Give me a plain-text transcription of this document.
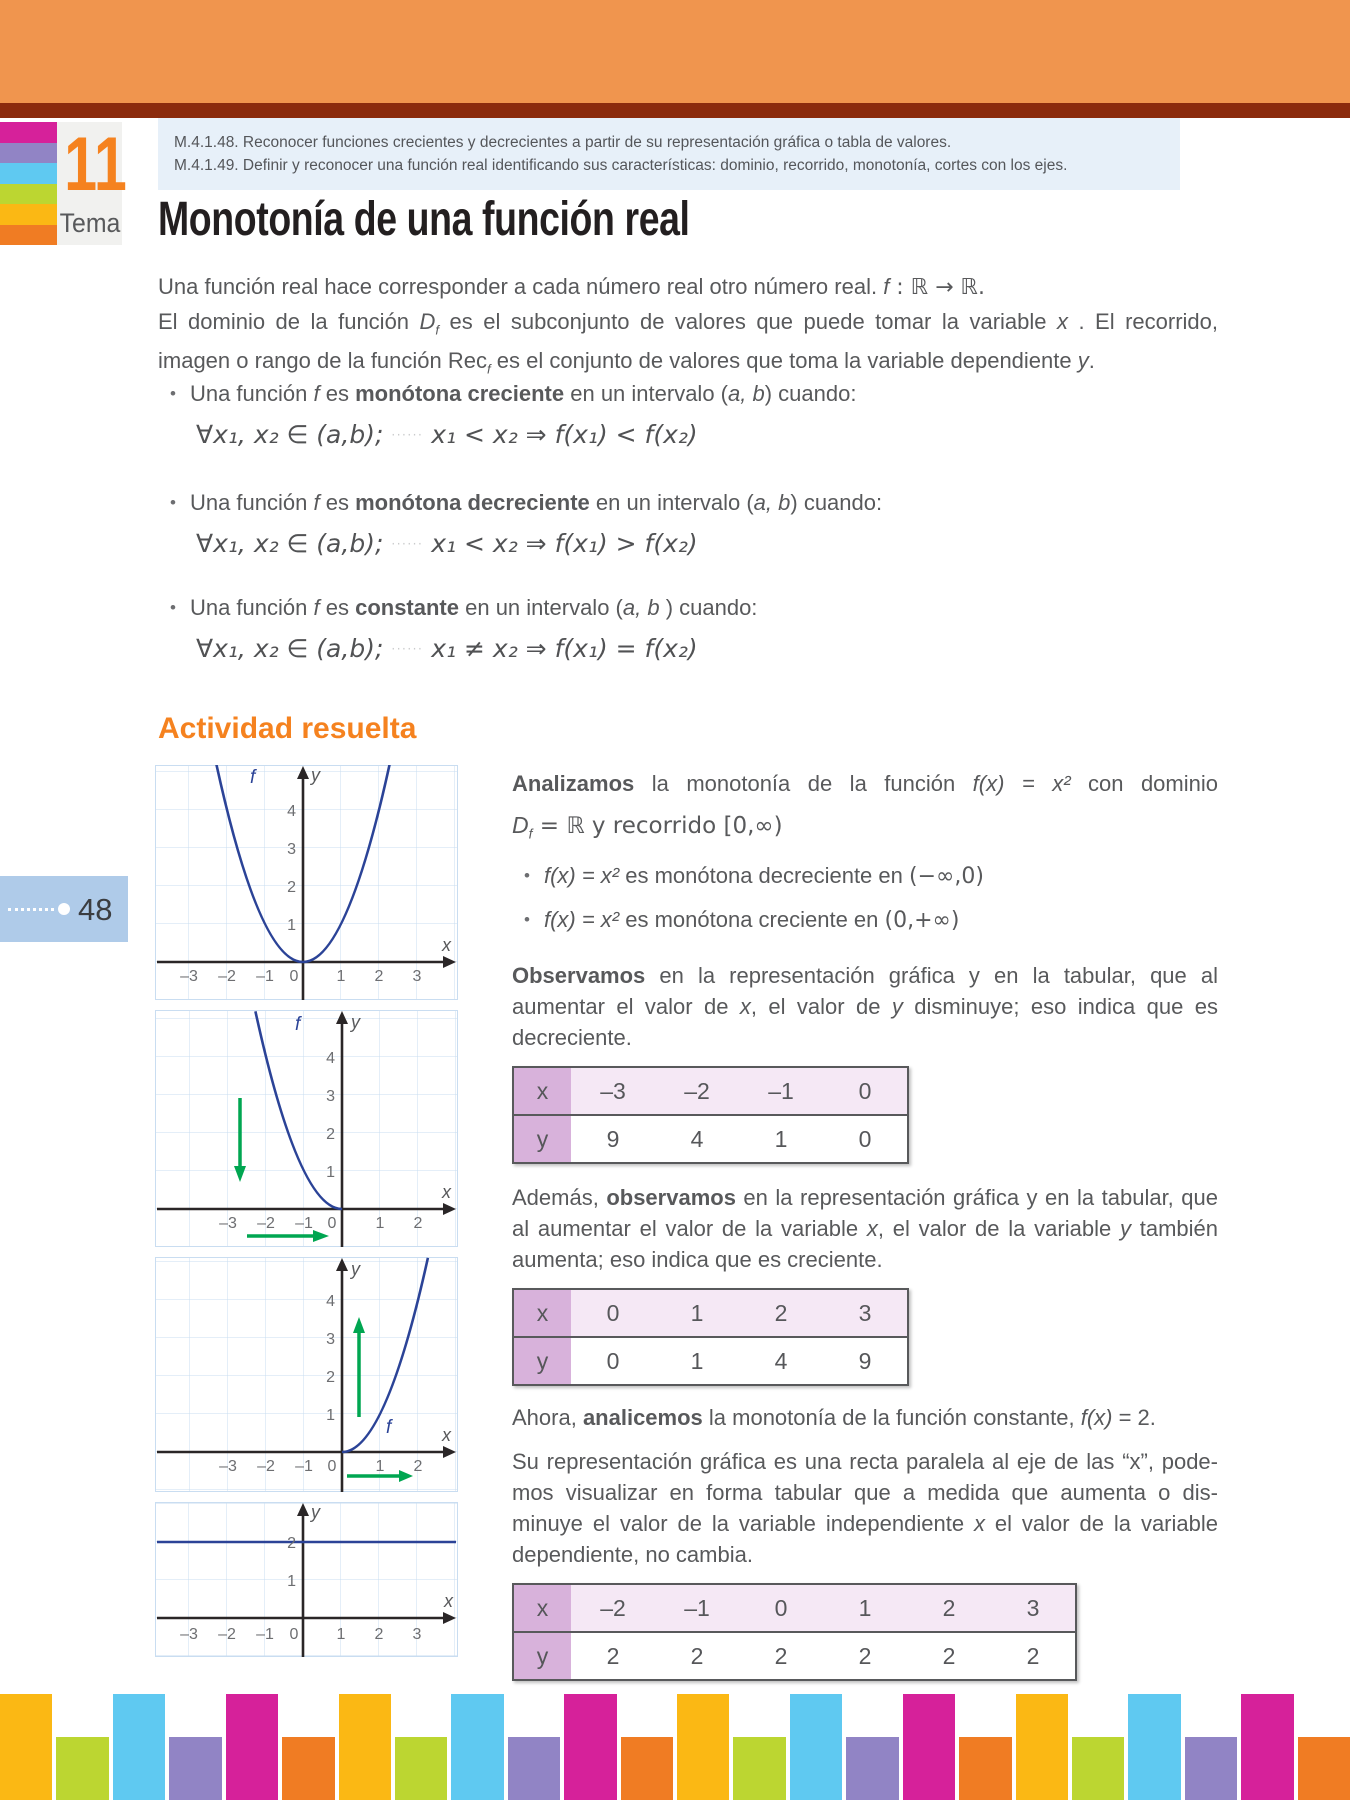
11
Tema
M.4.1.48. Reconocer funciones crecientes y decrecientes a partir de su representación gráfica o tabla de valores.
M.4.1.49. Definir y reconocer una función real identificando sus características: dominio, recorrido, monotonía, cortes con los ejes.
Monotonía de una función real
Una función real hace corresponder a cada número real otro número real. f : ℝ → ℝ.
El dominio de la función $D_f$ es el subconjunto de valores que puede tomar la variable x . El recorrido,
imagen o rango de la función Rec$_f$ es el conjunto de valores que toma la variable dependiente y.
• Una función f es monótona creciente en un intervalo (a, b) cuando:
∀x₁, x₂ ∈ (a,b); ······ x₁ < x₂ ⇒ f(x₁) < f(x₂)
• Una función f es monótona decreciente en un intervalo (a, b) cuando:
∀x₁, x₂ ∈ (a,b); ······ x₁ < x₂ ⇒ f(x₁) > f(x₂)
• Una función f es constante en un intervalo (a, b ) cuando:
∀x₁, x₂ ∈ (a,b); ······ x₁ ≠ x₂ ⇒ f(x₁) = f(x₂)
Actividad resuelta
f	y
x
–3 –2 –1 0 1 2 3
1
2
3
4
f	y
x
–3 –2 –1 0 1 2
1
2
3
4
f
y
x
–3 –2 –1 0 1 2
1
2
3
4
y
x
–3 –2 –1 0 1 2 3
1
2
Analizamos la monotonía de la función f(x) = x² con dominio
$D_f$ = ℝ y recorrido [0,∞)
• f(x) = x² es monótona decreciente en (−∞,0)
• f(x) = x² es monótona creciente en (0,+∞)
Observamos en la representación gráfica y en la tabular, que al
aumentar el valor de x, el valor de y disminuye; eso indica que es
decreciente.
x	–3	–2	–1	0
y	9	4	1	0
Además, observamos en la representación gráfica y en la tabular, que
al aumentar el valor de la variable x, el valor de la variable y también
aumenta; eso indica que es creciente.
x	0	1	2	3
y	0	1	4	9
Ahora, analicemos la monotonía de la función constante, f(x) = 2.
Su representación gráfica es una recta paralela al eje de las “x”, pode-
mos visualizar en forma tabular que a medida que aumenta o dis-
minuye el valor de la variable independiente x el valor de la variable
dependiente, no cambia.
x	–2	–1	0	1	2	3
y	2	2	2	2	2	2
48
